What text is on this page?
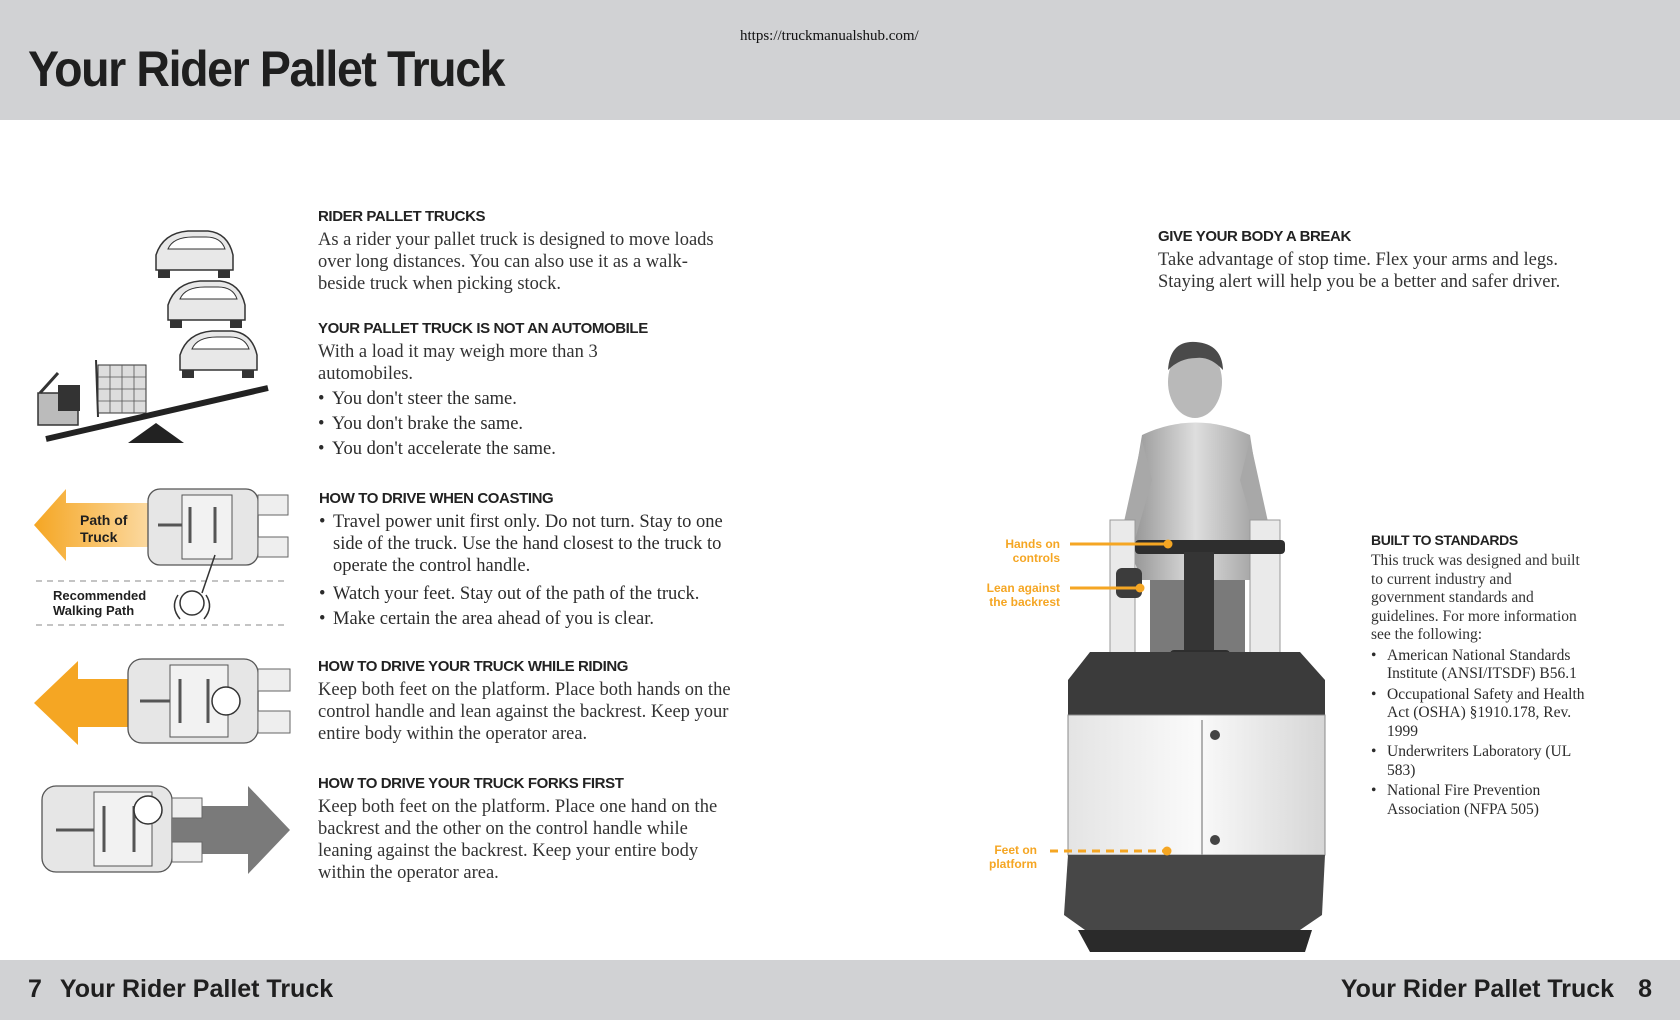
Your Rider Pallet Truck
https://truckmanualshub.com/
Path of Truck
Recommended Walking Path
RIDER PALLET TRUCKS
As a rider your pallet truck is designed to move loads over long distances. You can also use it as a walk-beside truck when picking stock.
YOUR PALLET TRUCK IS NOT AN AUTOMOBILE
With a load it may weigh more than 3 automobiles.
• You don't steer the same.
• You don't brake the same.
• You don't accelerate the same.
HOW TO DRIVE WHEN COASTING
• Travel power unit first only. Do not turn. Stay to one side of the truck. Use the hand closest to the truck to operate the control handle.
• Watch your feet. Stay out of the path of the truck.
• Make certain the area ahead of you is clear.
HOW TO DRIVE YOUR TRUCK WHILE RIDING
Keep both feet on the platform. Place both hands on the control handle and lean against the backrest. Keep your entire body within the operator area.
HOW TO DRIVE YOUR TRUCK FORKS FIRST
Keep both feet on the platform. Place one hand on the backrest and the other on the control handle while leaning against the backrest. Keep your entire body within the operator area.
GIVE YOUR BODY A BREAK
Take advantage of stop time. Flex your arms and legs. Staying alert will help you be a better and safer driver.
BUILT TO STANDARDS
This truck was designed and built to current industry and government standards and guidelines. For more information see the following:
• American National Standards Institute (ANSI/ITSDF) B56.1
• Occupational Safety and Health Act (OSHA) §1910.178, Rev. 1999
• Underwriters Laboratory (UL 583)
• National Fire Prevention Association (NFPA 505)
Hands on controls
Lean against the backrest
Feet on platform
7 Your Rider Pallet Truck	Your Rider Pallet Truck 8
